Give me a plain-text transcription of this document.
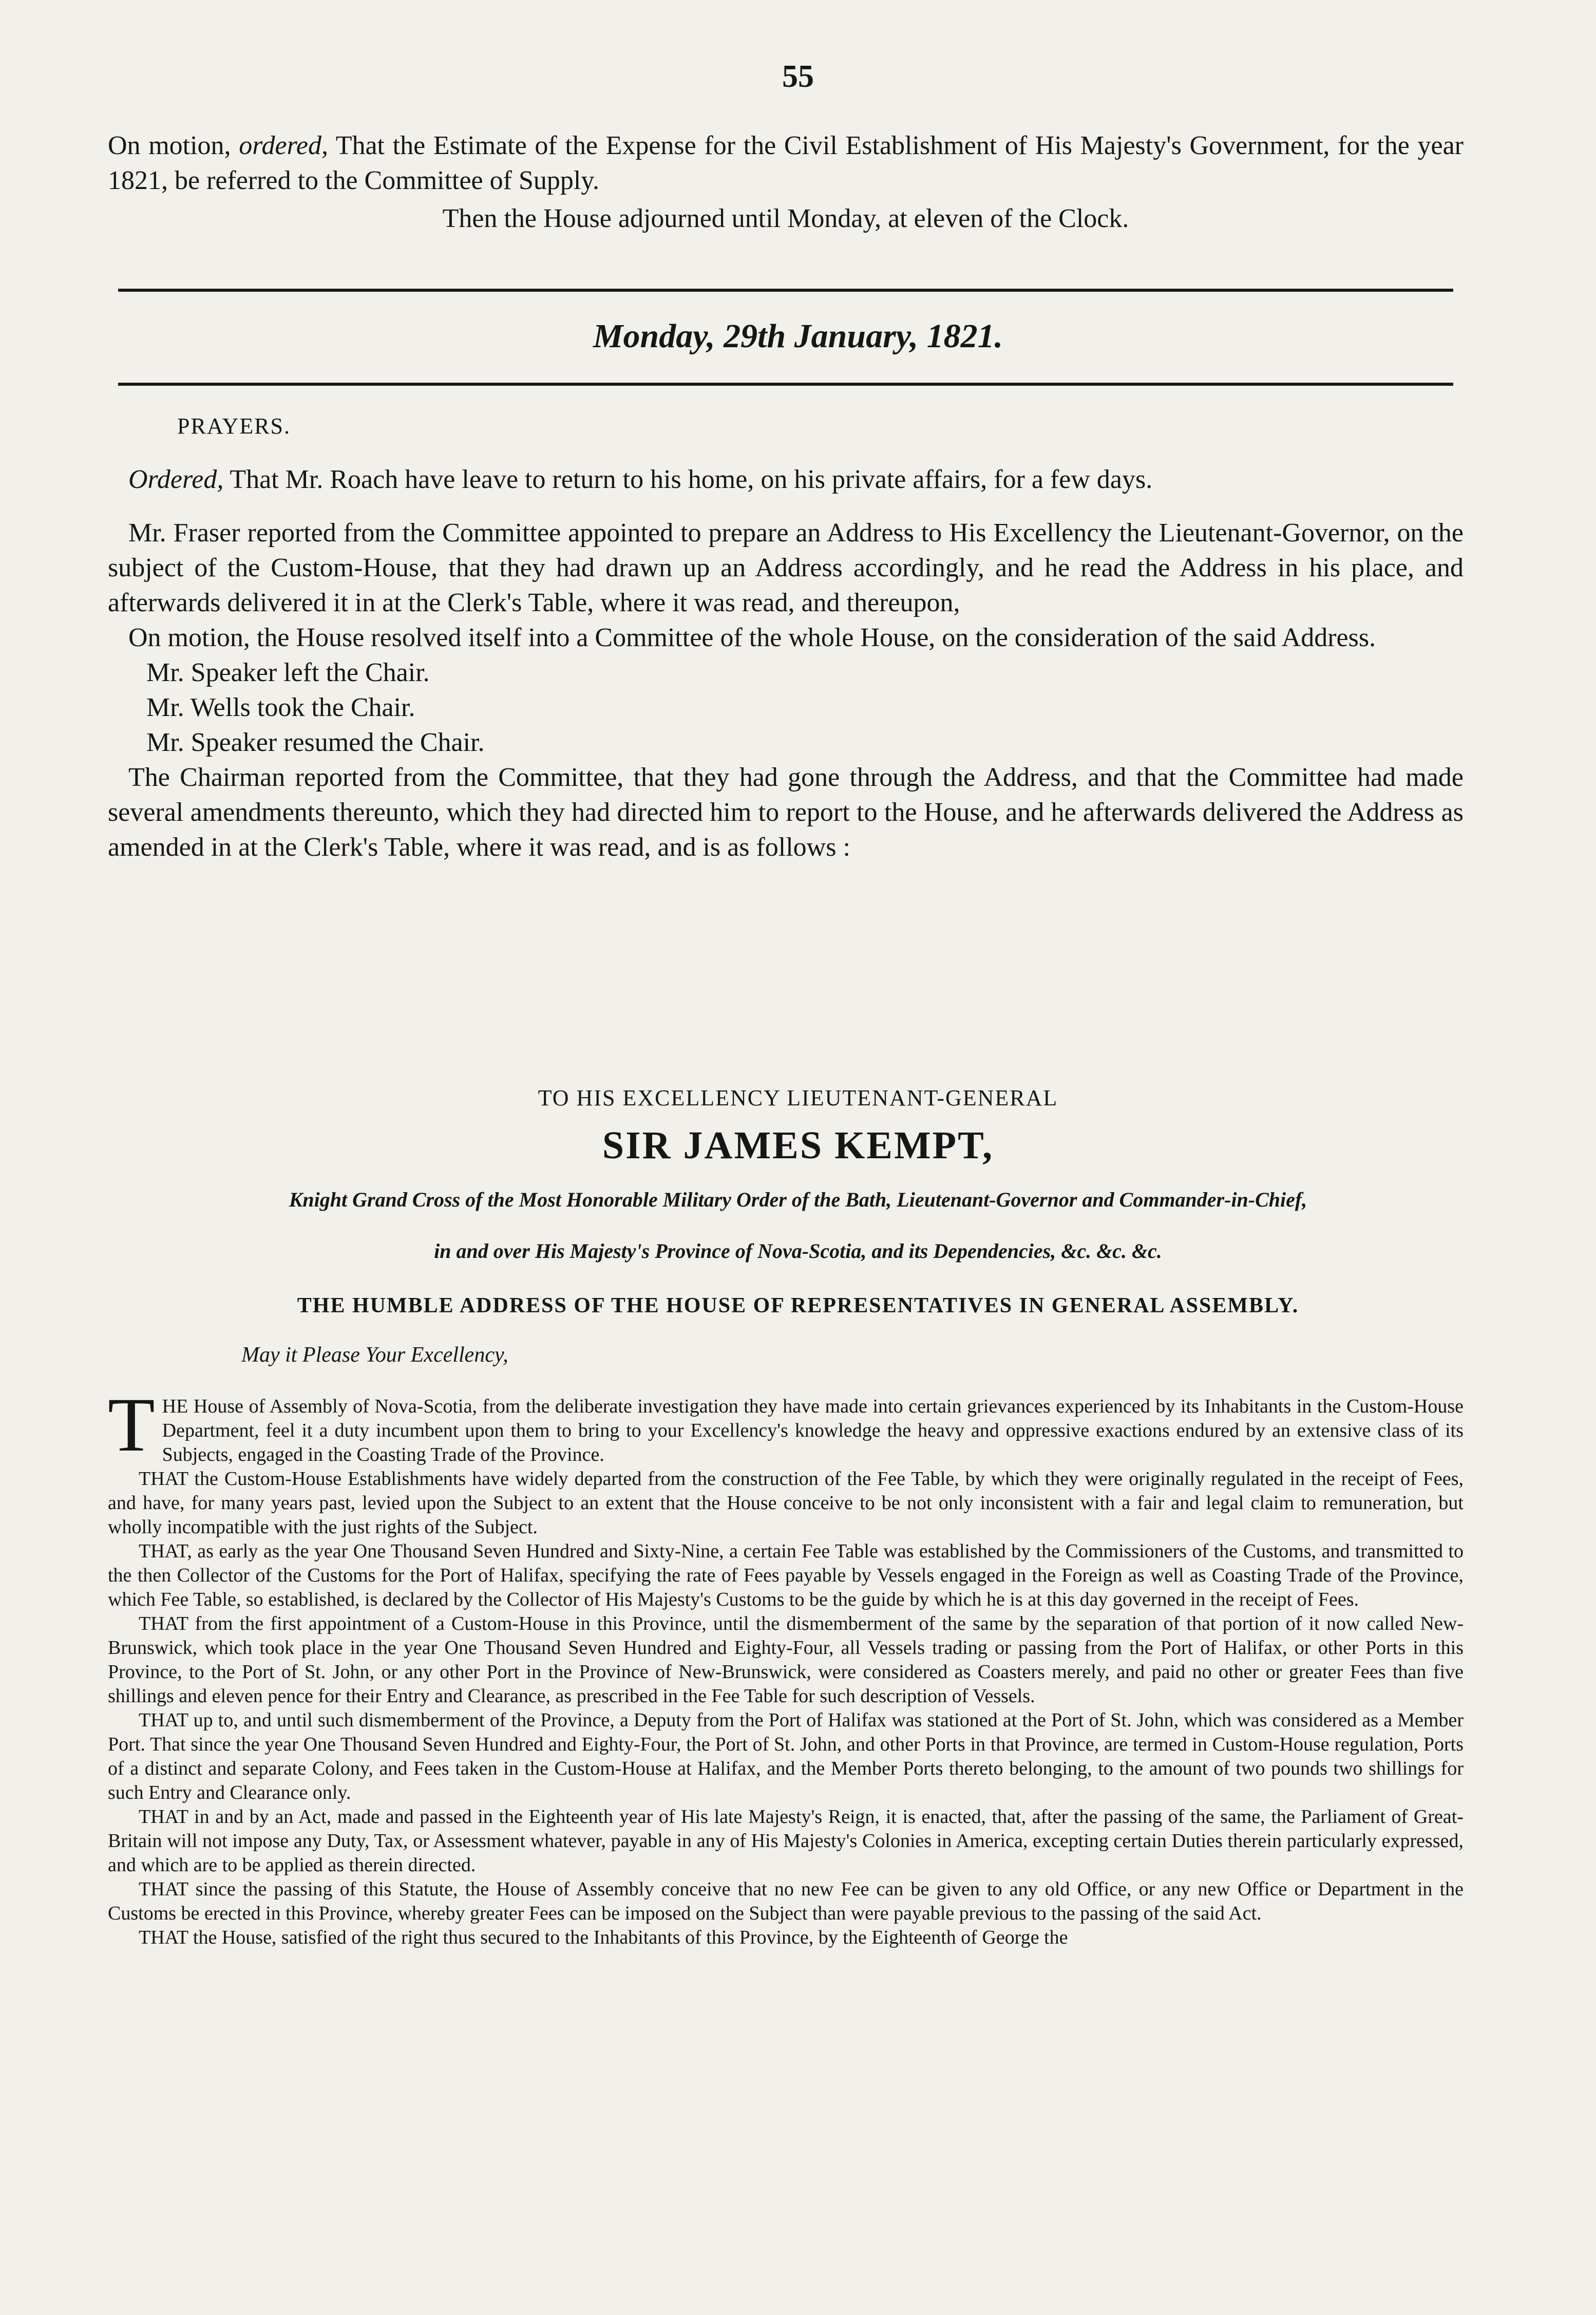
55

On motion, ordered, That the Estimate of the Expense for the Civil Establishment of His Majesty's Government, for the year 1821, be referred to the Committee of Supply.

Then the House adjourned until Monday, at eleven of the Clock.

Monday, 29th January, 1821.
PRAYERS.

Ordered, That Mr. Roach have leave to return to his home, on his private affairs, for a few days.

Mr. Fraser reported from the Committee appointed to prepare an Address to His Excellency the Lieutenant-Governor, on the subject of the Custom-House, that they had drawn up an Address accordingly, and he read the Address in his place, and afterwards delivered it in at the Clerk's Table, where it was read, and thereupon,

On motion, the House resolved itself into a Committee of the whole House, on the consideration of the said Address.

Mr. Speaker left the Chair.

Mr. Wells took the Chair.

Mr. Speaker resumed the Chair.

The Chairman reported from the Committee, that they had gone through the Address, and that the Committee had made several amendments thereunto, which they had directed him to report to the House, and he afterwards delivered the Address as amended in at the Clerk's Table, where it was read, and is as follows :

TO HIS EXCELLENCY LIEUTENANT-GENERAL
SIR JAMES KEMPT,
Knight Grand Cross of the Most Honorable Military Order of the Bath, Lieutenant-Governor and Commander-in-Chief,
in and over His Majesty's Province of Nova-Scotia, and its Dependencies, &c. &c. &c.
THE HUMBLE ADDRESS OF THE HOUSE OF REPRESENTATIVES IN GENERAL ASSEMBLY.
May it Please Your Excellency,
T HE House of Assembly of Nova-Scotia, from the deliberate investigation they have made into certain grievances experienced by its Inhabitants in the Custom-House Department, feel it a duty incumbent upon them to bring to your Excellency's knowledge the heavy and oppressive exactions endured by an extensive class of its Subjects, engaged in the Coasting Trade of the Province.

THAT the Custom-House Establishments have widely departed from the construction of the Fee Table, by which they were originally regulated in the receipt of Fees, and have, for many years past, levied upon the Subject to an extent that the House conceive to be not only inconsistent with a fair and legal claim to remuneration, but wholly incompatible with the just rights of the Subject.

THAT, as early as the year One Thousand Seven Hundred and Sixty-Nine, a certain Fee Table was established by the Commissioners of the Customs, and transmitted to the then Collector of the Customs for the Port of Halifax, specifying the rate of Fees payable by Vessels engaged in the Foreign as well as Coasting Trade of the Province, which Fee Table, so established, is declared by the Collector of His Majesty's Customs to be the guide by which he is at this day governed in the receipt of Fees.

THAT from the first appointment of a Custom-House in this Province, until the dismemberment of the same by the separation of that portion of it now called New-Brunswick, which took place in the year One Thousand Seven Hundred and Eighty-Four, all Vessels trading or passing from the Port of Halifax, or other Ports in this Province, to the Port of St. John, or any other Port in the Province of New-Brunswick, were considered as Coasters merely, and paid no other or greater Fees than five shillings and eleven pence for their Entry and Clearance, as prescribed in the Fee Table for such description of Vessels.

THAT up to, and until such dismemberment of the Province, a Deputy from the Port of Halifax was stationed at the Port of St. John, which was considered as a Member Port. That since the year One Thousand Seven Hundred and Eighty-Four, the Port of St. John, and other Ports in that Province, are termed in Custom-House regulation, Ports of a distinct and separate Colony, and Fees taken in the Custom-House at Halifax, and the Member Ports thereto belonging, to the amount of two pounds two shillings for such Entry and Clearance only.

THAT in and by an Act, made and passed in the Eighteenth year of His late Majesty's Reign, it is enacted, that, after the passing of the same, the Parliament of Great-Britain will not impose any Duty, Tax, or Assessment whatever, payable in any of His Majesty's Colonies in America, excepting certain Duties therein particularly expressed, and which are to be applied as therein directed.

THAT since the passing of this Statute, the House of Assembly conceive that no new Fee can be given to any old Office, or any new Office or Department in the Customs be erected in this Province, whereby greater Fees can be imposed on the Subject than were payable previous to the passing of the said Act.

THAT the House, satisfied of the right thus secured to the Inhabitants of this Province, by the Eighteenth of George the
